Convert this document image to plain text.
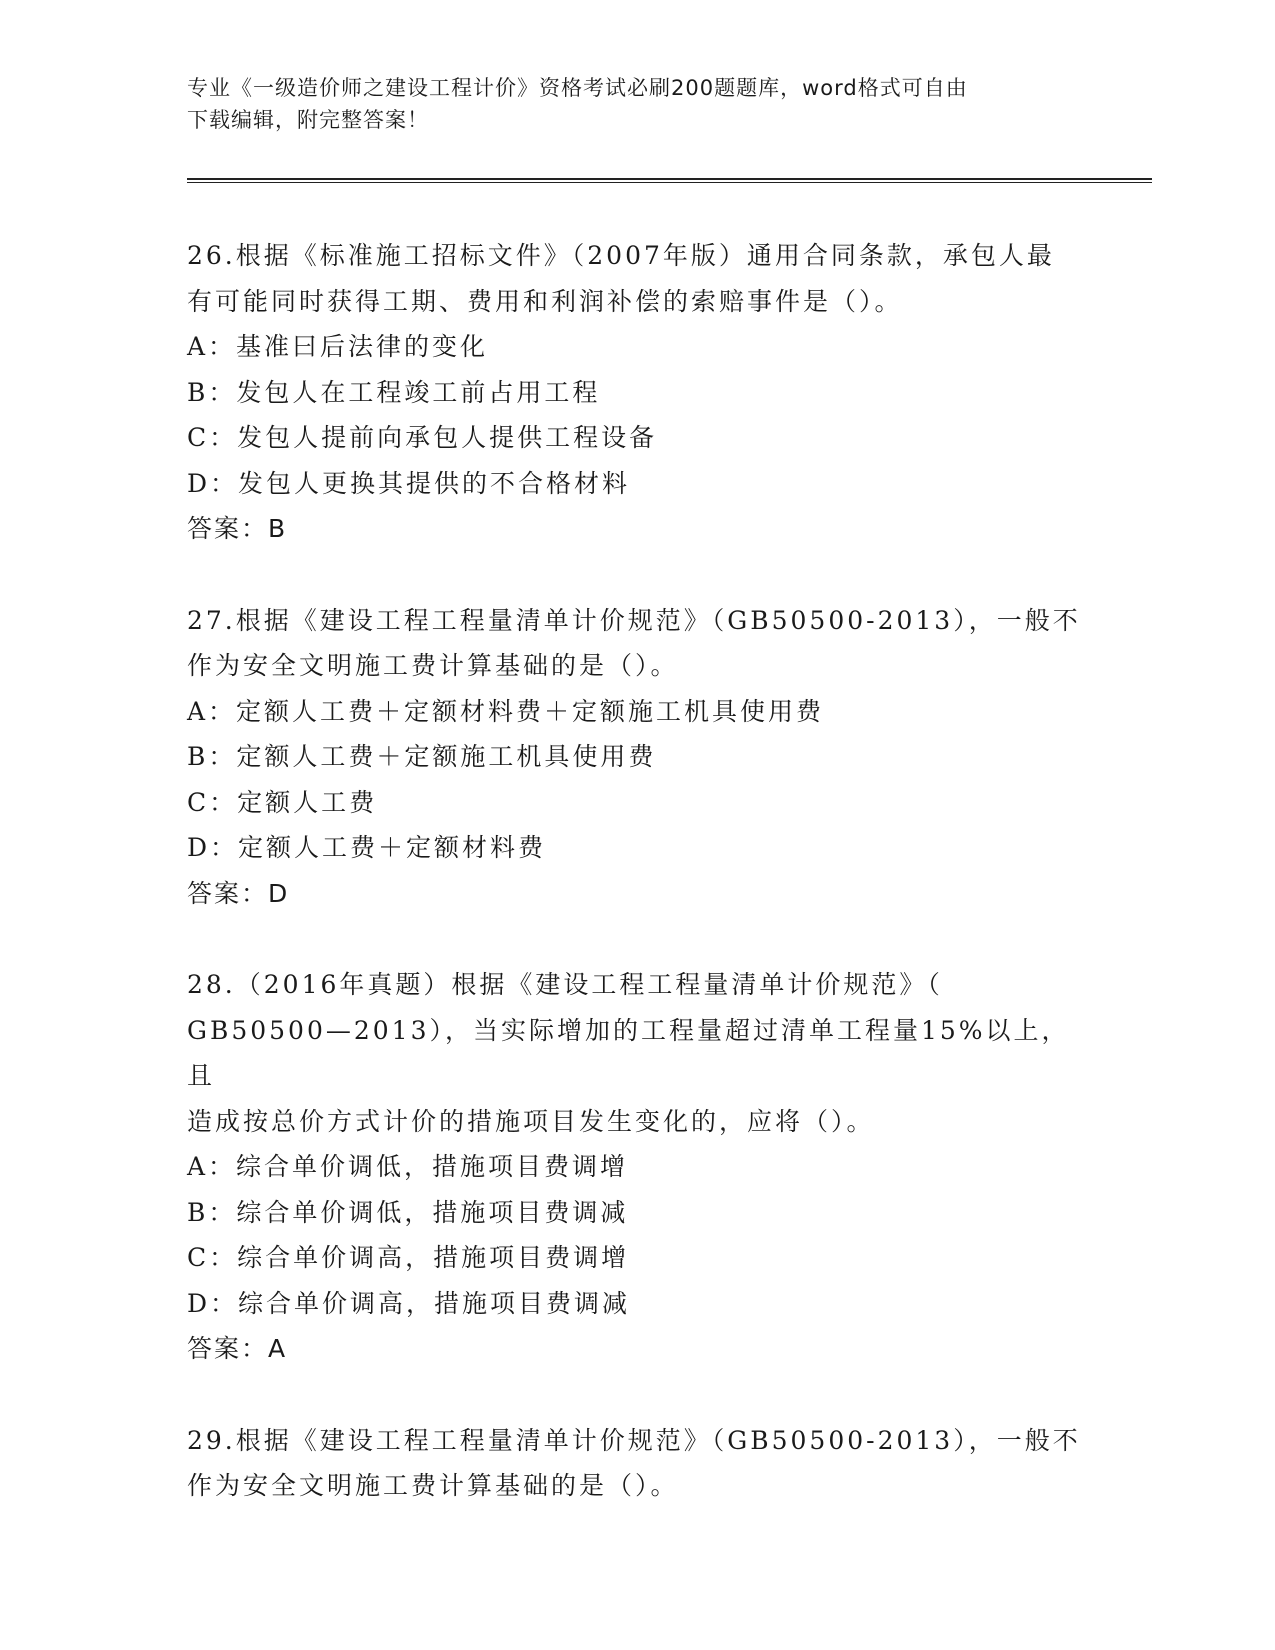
专业《一级造价师之建设工程计价》资格考试必刷200题题库，word格式可自由
下载编辑，附完整答案！
26.根据《标准施工招标文件》（2007年版）通用合同条款，承包人最
有可能同时获得工期、费用和利润补偿的索赔事件是（）。
A：基准曰后法律的变化
B：发包人在工程竣工前占用工程
C：发包人提前向承包人提供工程设备
D：发包人更换其提供的不合格材料
答案：B
27.根据《建设工程工程量清单计价规范》（GB50500-2013），一般不
作为安全文明施工费计算基础的是（）。
A：定额人工费＋定额材料费＋定额施工机具使用费
B：定额人工费＋定额施工机具使用费
C：定额人工费
D：定额人工费＋定额材料费
答案：D
28.（2016年真题）根据《建设工程工程量清单计价规范》（
GB50500—2013），当实际增加的工程量超过清单工程量15%以上，且
造成按总价方式计价的措施项目发生变化的，应将（）。
A：综合单价调低，措施项目费调增
B：综合单价调低，措施项目费调减
C：综合单价调高，措施项目费调增
D：综合单价调高，措施项目费调减
答案：A
29.根据《建设工程工程量清单计价规范》（GB50500-2013），一般不
作为安全文明施工费计算基础的是（）。
